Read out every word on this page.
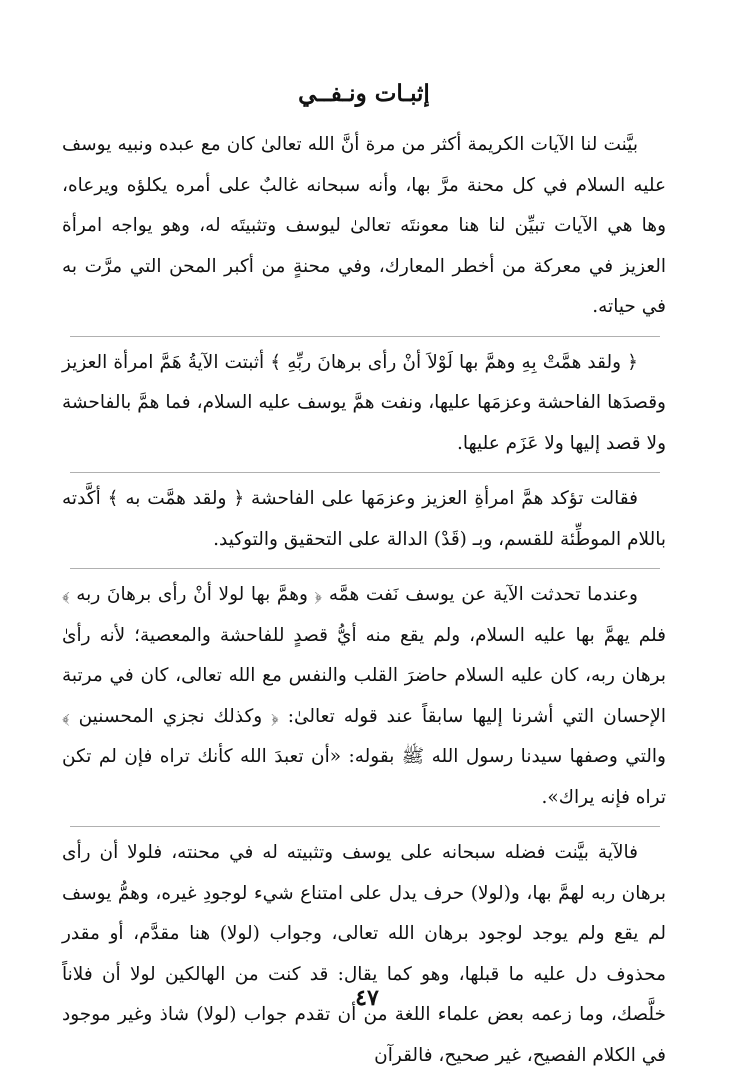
إثبـات ونـفــي

بيَّنت لنا الآيات الكريمة أكثر من مرة أنَّ الله تعالىٰ كان مع عبده ونبيه يوسف عليه السلام في كل محنة مرَّ بها، وأنه سبحانه غالبٌ على أمره يكلؤه ويرعاه، وها هي الآيات تبيِّن لنا هنا معونتَه تعالىٰ ليوسف وتثبيتَه له، وهو يواجه امرأة العزيز في معركة من أخطر المعارك، وفي محنةٍ من أكبر المحن التي مرَّت به في حياته.

﴿ ولقد همَّتْ بِهِ وهمَّ بها لَوْلاَ أنْ رأى برهانَ ربِّهِ ﴾ أثبتت الآيةُ هَمَّ امرأة العزيز وقصدَها الفاحشة وعزمَها عليها، ونفت همَّ يوسف عليه السلام، فما همَّ بالفاحشة ولا قصد إليها ولا عَزَم عليها.

فقالت تؤكد همَّ امرأةِ العزيز وعزمَها على الفاحشة ﴿ ولقد همَّت به ﴾ أكَّدته باللام الموطِّئة للقسم، وبـ (قَدْ) الدالة على التحقيق والتوكيد.

وعندما تحدثت الآية عن يوسف نَفت همَّه ﴿ وهمَّ بها لولا أنْ رأى برهانَ ربه ﴾ فلم يهمَّ بها عليه السلام، ولم يقع منه أيُّ قصدٍ للفاحشة والمعصية؛ لأنه رأىٰ برهان ربه، كان عليه السلام حاضرَ القلب والنفس مع الله تعالى، كان في مرتبة الإحسان التي أشرنا إليها سابقاً عند قوله تعالىٰ: ﴿ وكذلك نجزي المحسنين ﴾ والتي وصفها سيدنا رسول الله ﷺ بقوله: «أن تعبدَ الله كأنك تراه فإن لم تكن تراه فإنه يراك».

فالآية بيَّنت فضله سبحانه على يوسف وتثبيته له في محنته، فلولا أن رأى برهان ربه لهمَّ بها، و(لولا) حرف يدل على امتناع شيء لوجودِ غيره، وهمُّ يوسف لم يقع ولم يوجد لوجود برهان الله تعالى، وجواب (لولا) هنا مقدَّم، أو مقدر محذوف دل عليه ما قبلها، وهو كما يقال: قد كنت من الهالكين لولا أن فلاناً خلَّصك، وما زعمه بعض علماء اللغة من أن تقدم جواب (لولا) شاذ وغير موجود في الكلام الفصيح، غير صحيح، فالقرآن

٤٧
